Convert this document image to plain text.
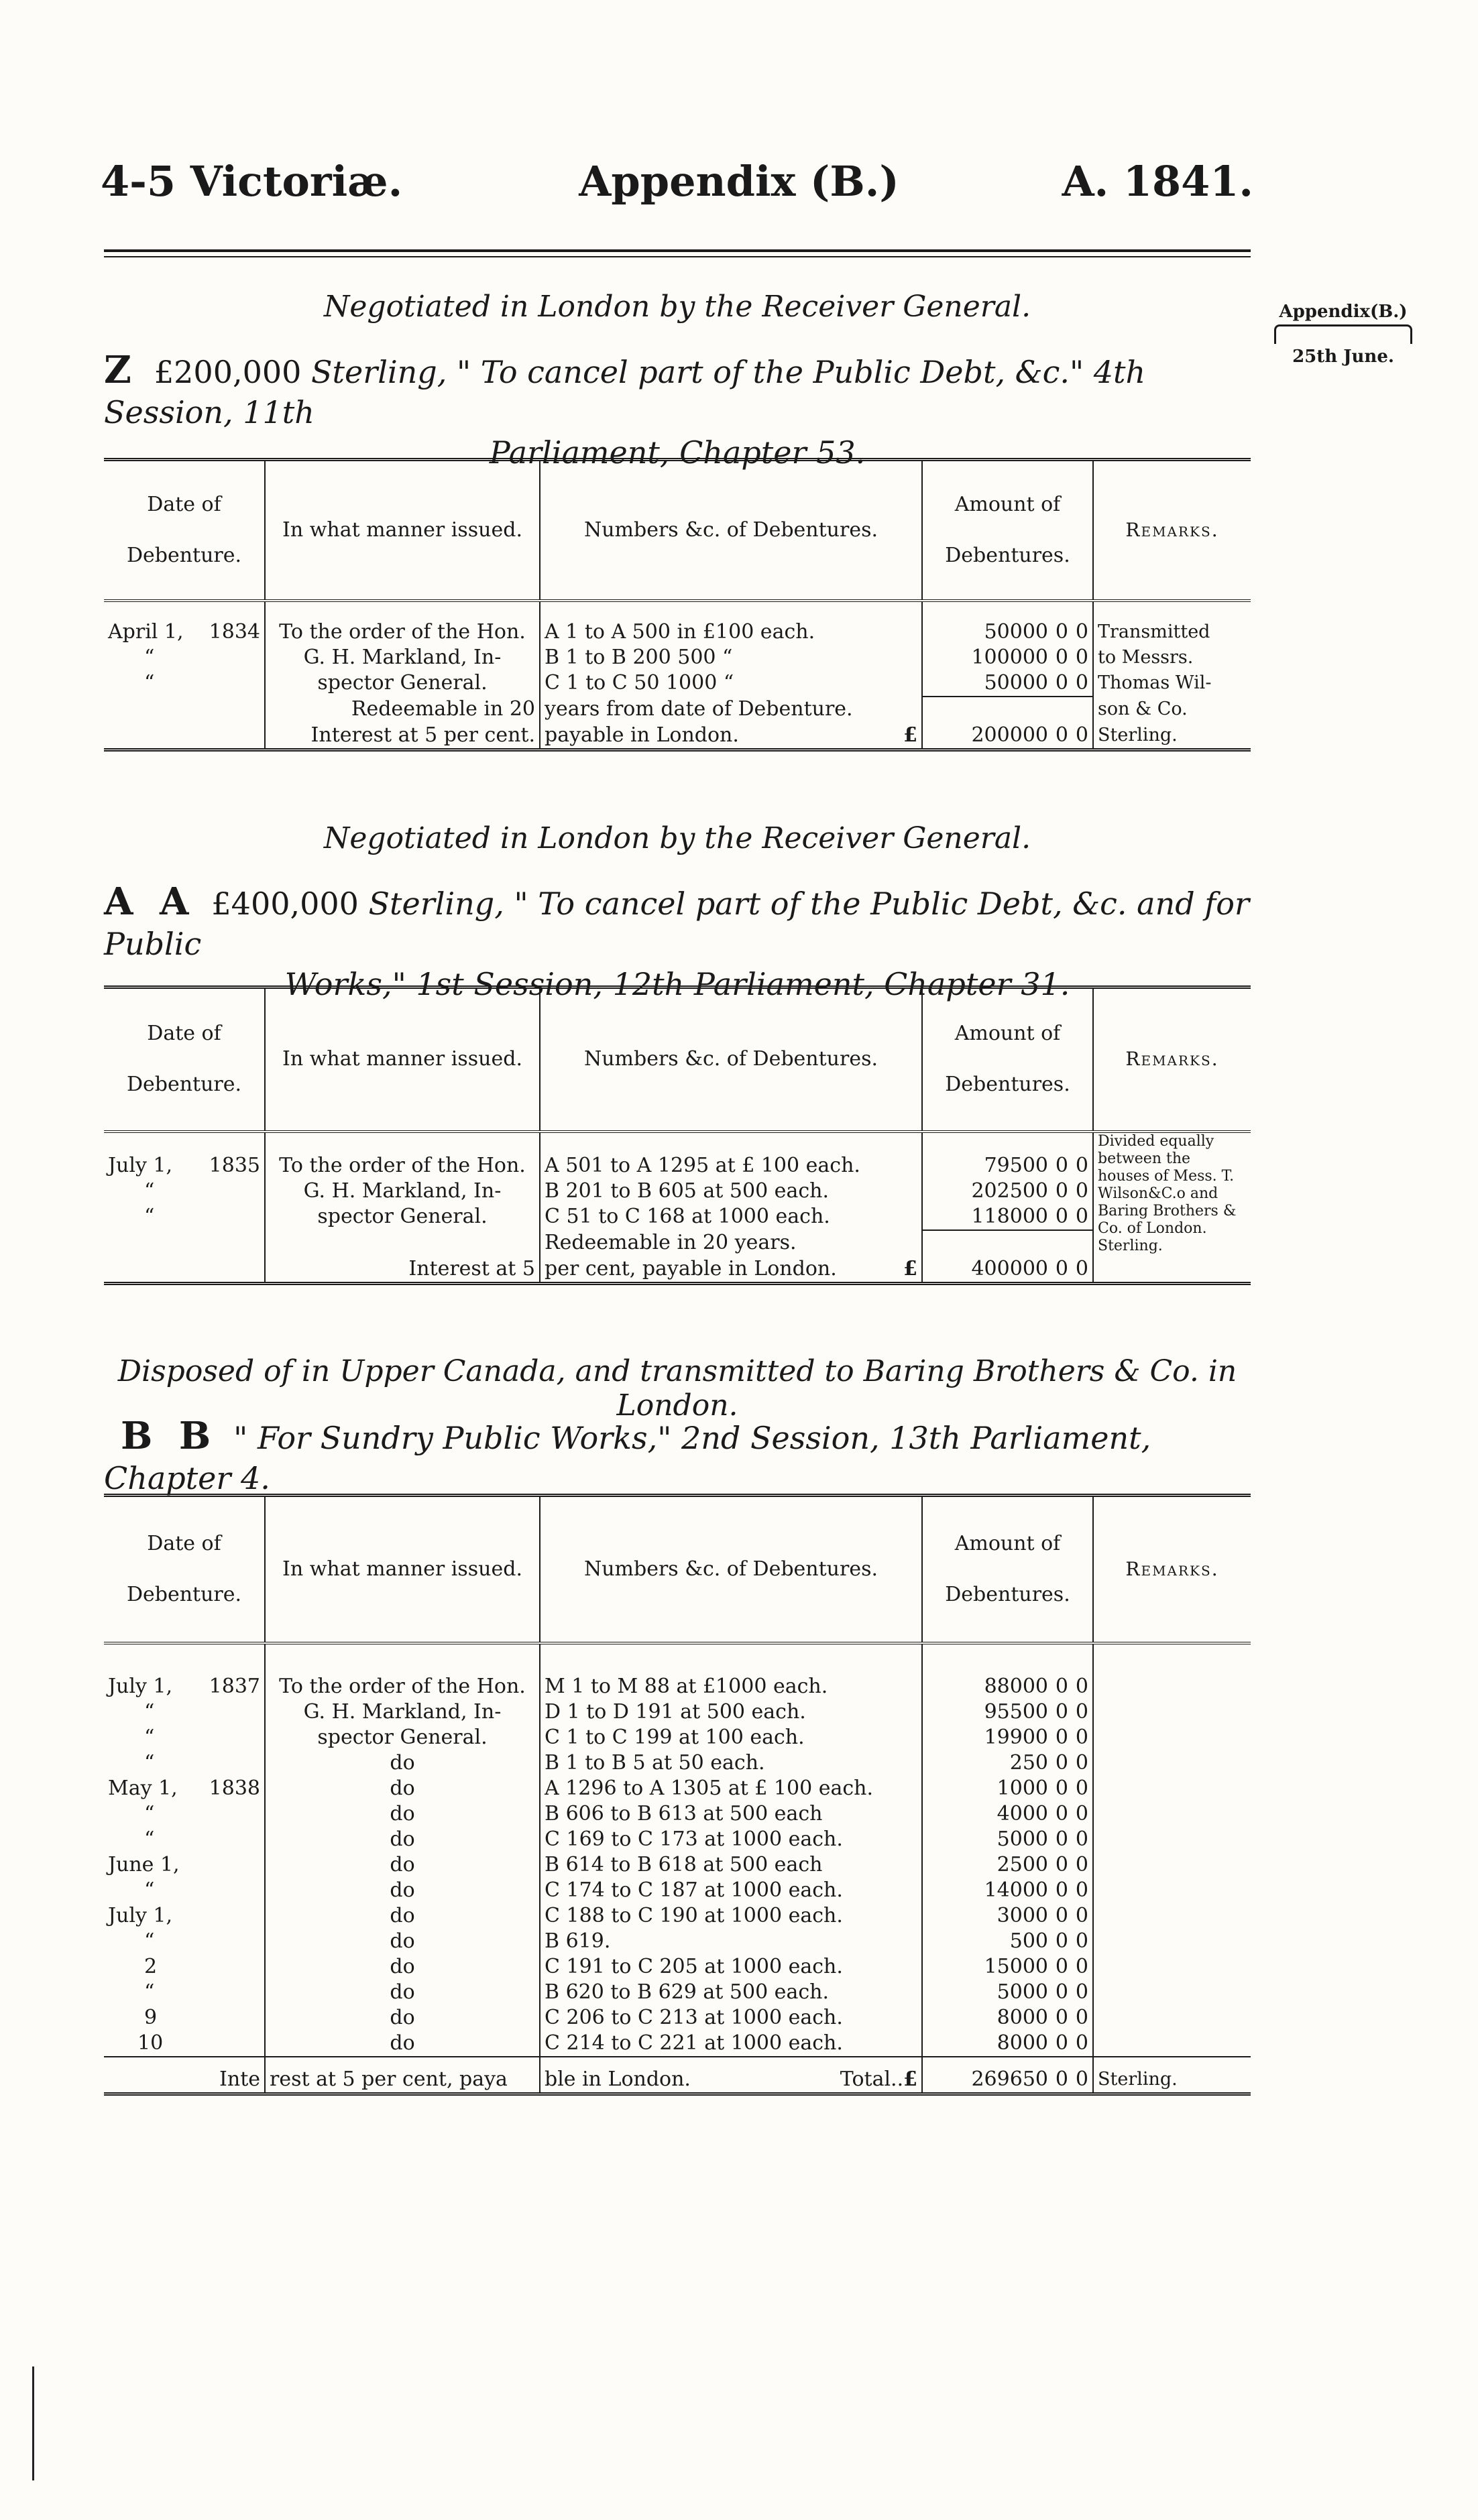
4-5 Victoriæ.	Appendix (B.)	A. 1841.
Appendix(B.)
25th June.
Negotiated in London by the Receiver General.
Z £200,000 Sterling, " To cancel part of the Public Debt, &c." 4th Session, 11th
Parliament, Chapter 53.
Date of

Debenture.	In what manner issued.	Numbers &c. of Debentures.	Amount of

Debentures.	Remarks.

April 1, 1834	To the order of the Hon.	A 1 to A 500 in £100 each.	50000 0 0	Transmitted
“	G. H. Markland, In-	B 1 to B 200 500 “	100000 0 0	to Messrs.
“	spector General.	C 1 to C 50 1000 “	50000 0 0	Thomas Wil-

	Redeemable in 20	years from date of Debenture.		son & Co.

	Interest at 5 per cent.	payable in London. £	200000 0 0	Sterling.
Negotiated in London by the Receiver General.
A A £400,000 Sterling, " To cancel part of the Public Debt, &c. and for Public
Works," 1st Session, 12th Parliament, Chapter 31.
Date of

Debenture.	In what manner issued.	Numbers &c. of Debentures.	Amount of

Debentures.	Remarks.
July 1, 1835	To the order of the Hon.	A 501 to A 1295 at £ 100 each.	79500 0 0	Divided equally between the houses of Mess. T. Wilson&C.o and Baring Brothers & Co. of London. Sterling.
“	G. H. Markland, In-	B 201 to B 605 at 500 each.	202500 0 0	
“	spector General.	C 51 to C 168 at 1000 each.	118000 0 0	

		Redeemable in 20 years.		

	Interest at 5	per cent, payable in London. £	400000 0 0	
Disposed of in Upper Canada, and transmitted to Baring Brothers & Co. in London.
B B " For Sundry Public Works," 2nd Session, 13th Parliament, Chapter 4.
Date of

Debenture.	In what manner issued.	Numbers &c. of Debentures.	Amount of

Debentures.	Remarks.

July 1, 1837	To the order of the Hon.	M 1 to M 88 at £1000 each.	88000 0 0	
“	G. H. Markland, In-	D 1 to D 191 at 500 each.	95500 0 0	
“	spector General.	C 1 to C 199 at 100 each.	19900 0 0	
“	do	B 1 to B 5 at 50 each.	250 0 0	
May 1, 1838	do	A 1296 to A 1305 at £ 100 each.	1000 0 0	
“	do	B 606 to B 613 at 500 each	4000 0 0	
“	do	C 169 to C 173 at 1000 each.	5000 0 0	
June 1,	do	B 614 to B 618 at 500 each	2500 0 0	
“	do	C 174 to C 187 at 1000 each.	14000 0 0	
July 1,	do	C 188 to C 190 at 1000 each.	3000 0 0	
“	do	B 619.	500 0 0	
2	do	C 191 to C 205 at 1000 each.	15000 0 0	
“	do	B 620 to B 629 at 500 each.	5000 0 0	
9	do	C 206 to C 213 at 1000 each.	8000 0 0	
10	do	C 214 to C 221 at 1000 each.	8000 0 0	
Inte	rest at 5 per cent, paya	ble in London. Total..£	269650 0 0	Sterling.
